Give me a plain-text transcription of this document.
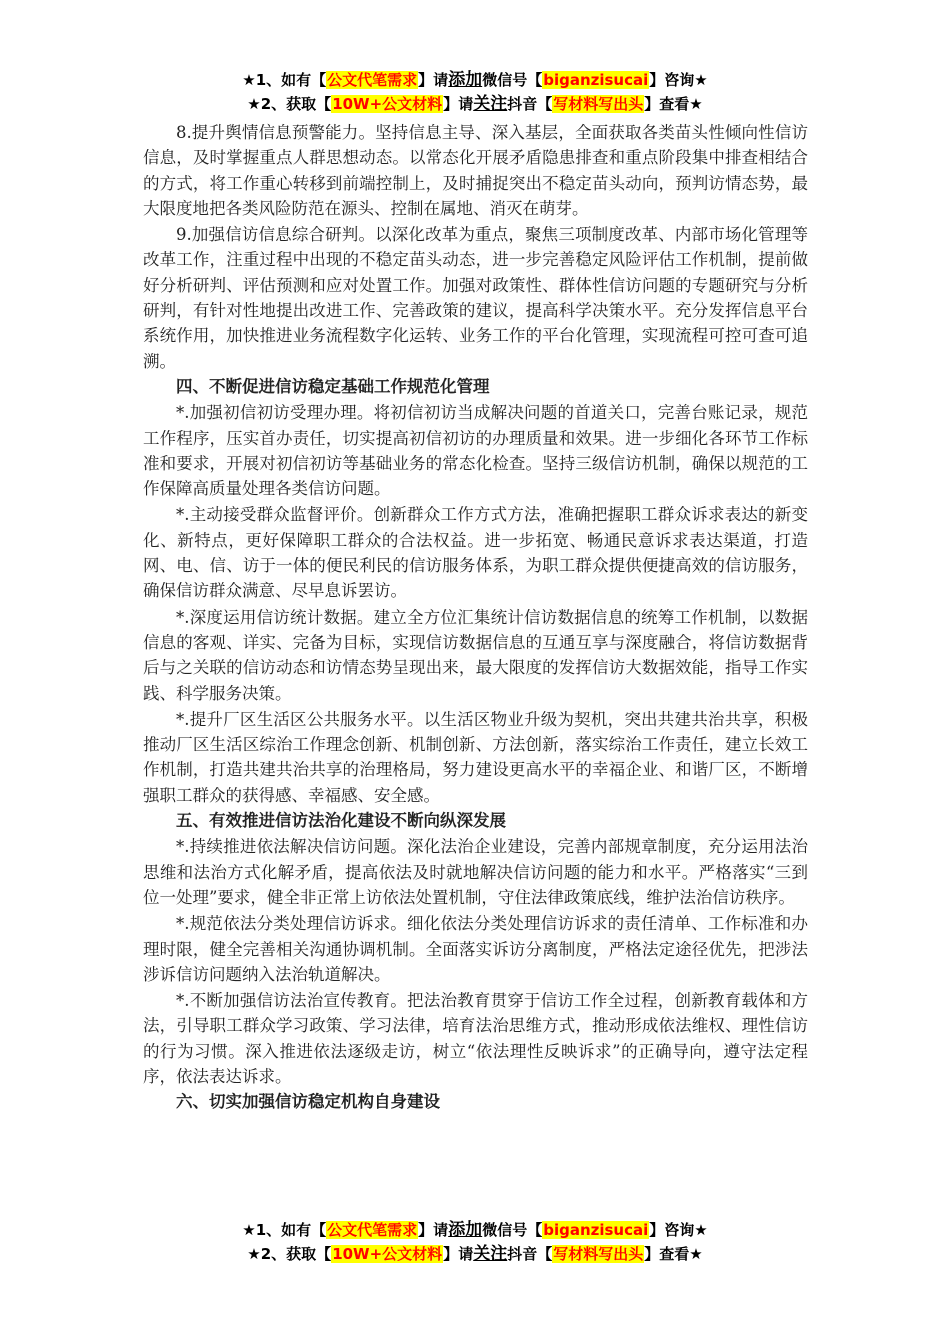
★1、如有【公文代笔需求】请添加微信号【biganzisucai】咨询★
★2、获取【10W+公文材料】请关注抖音【写材料写出头】查看★

8.提升舆情信息预警能力。坚持信息主导、深入基层，全面获取各类苗头性倾向性信访信息，及时掌握重点人群思想动态。以常态化开展矛盾隐患排查和重点阶段集中排查相结合的方式，将工作重心转移到前端控制上，及时捕捉突出不稳定苗头动向，预判访情态势，最大限度地把各类风险防范在源头、控制在属地、消灭在萌芽。

9.加强信访信息综合研判。以深化改革为重点，聚焦三项制度改革、内部市场化管理等改革工作，注重过程中出现的不稳定苗头动态，进一步完善稳定风险评估工作机制，提前做好分析研判、评估预测和应对处置工作。加强对政策性、群体性信访问题的专题研究与分析研判，有针对性地提出改进工作、完善政策的建议，提高科学决策水平。充分发挥信息平台系统作用，加快推进业务流程数字化运转、业务工作的平台化管理，实现流程可控可查可追溯。

四、不断促进信访稳定基础工作规范化管理

*.加强初信初访受理办理。将初信初访当成解决问题的首道关口，完善台账记录，规范工作程序，压实首办责任，切实提高初信初访的办理质量和效果。进一步细化各环节工作标准和要求，开展对初信初访等基础业务的常态化检查。坚持三级信访机制，确保以规范的工作保障高质量处理各类信访问题。

*.主动接受群众监督评价。创新群众工作方式方法，准确把握职工群众诉求表达的新变化、新特点，更好保障职工群众的合法权益。进一步拓宽、畅通民意诉求表达渠道，打造网、电、信、访于一体的便民利民的信访服务体系，为职工群众提供便捷高效的信访服务，确保信访群众满意、尽早息诉罢访。

*.深度运用信访统计数据。建立全方位汇集统计信访数据信息的统筹工作机制，以数据信息的客观、详实、完备为目标，实现信访数据信息的互通互享与深度融合，将信访数据背后与之关联的信访动态和访情态势呈现出来，最大限度的发挥信访大数据效能，指导工作实践、科学服务决策。

*.提升厂区生活区公共服务水平。以生活区物业升级为契机，突出共建共治共享，积极推动厂区生活区综治工作理念创新、机制创新、方法创新，落实综治工作责任，建立长效工作机制，打造共建共治共享的治理格局，努力建设更高水平的幸福企业、和谐厂区，不断增强职工群众的获得感、幸福感、安全感。

五、有效推进信访法治化建设不断向纵深发展

*.持续推进依法解决信访问题。深化法治企业建设，完善内部规章制度，充分运用法治思维和法治方式化解矛盾，提高依法及时就地解决信访问题的能力和水平。严格落实“三到位一处理”要求，健全非正常上访依法处置机制，守住法律政策底线，维护法治信访秩序。

*.规范依法分类处理信访诉求。细化依法分类处理信访诉求的责任清单、工作标准和办理时限，健全完善相关沟通协调机制。全面落实诉访分离制度，严格法定途径优先，把涉法涉诉信访问题纳入法治轨道解决。

*.不断加强信访法治宣传教育。把法治教育贯穿于信访工作全过程，创新教育载体和方法，引导职工群众学习政策、学习法律，培育法治思维方式，推动形成依法维权、理性信访的行为习惯。深入推进依法逐级走访，树立“依法理性反映诉求”的正确导向，遵守法定程序，依法表达诉求。

六、切实加强信访稳定机构自身建设
★1、如有【公文代笔需求】请添加微信号【biganzisucai】咨询★
★2、获取【10W+公文材料】请关注抖音【写材料写出头】查看★
